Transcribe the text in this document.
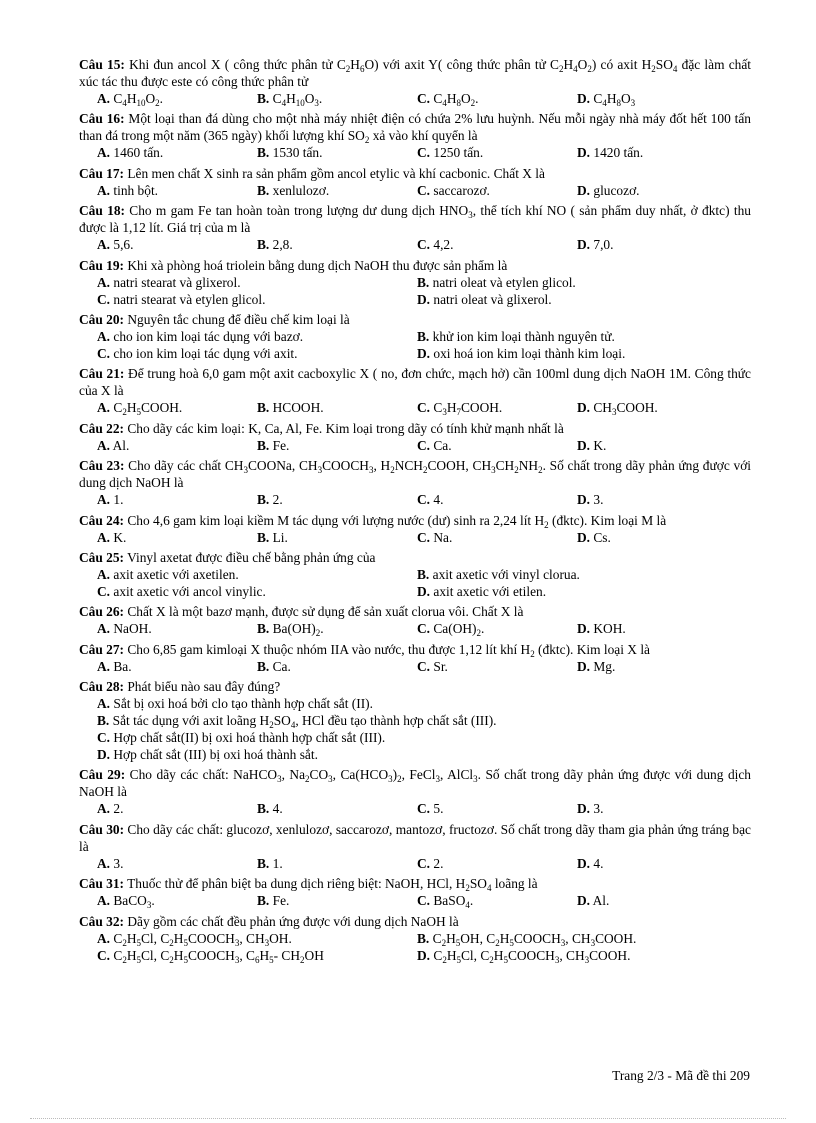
Câu 15: Khi đun ancol X ( công thức phân tử $C_2H_6O$) với axit Y( công thức phân tử $C_2H_4O_2$) có axit $H_2SO_4$ đặc làm chất xúc tác thu được este có công thức phân tử
A. $C_4H_{10}O_2$.	B. $C_4H_{10}O_3$.	C. $C_4H_8O_2$.	D. $C_4H_8O_3$
Câu 16: Một loại than đá dùng cho một nhà máy nhiệt điện có chứa 2% lưu huỳnh. Nếu mỗi ngày nhà máy đốt hết 100 tấn than đá trong một năm (365 ngày) khối lượng khí $SO_2$ xả vào khí quyển là
A. 1460 tấn.	B. 1530 tấn.	C. 1250 tấn.	D. 1420 tấn.
Câu 17: Lên men chất X sinh ra sản phẩm gồm ancol etylic và khí cacbonic. Chất X là
A. tinh bột.	B. xenlulozơ.	C. saccarozơ.	D. glucozơ.
Câu 18: Cho m gam Fe tan hoàn toàn trong lượng dư dung dịch $HNO_3$, thể tích khí NO ( sản phẩm duy nhất, ở đktc) thu được là 1,12 lít. Giá trị của m là
A. 5,6.	B. 2,8.	C. 4,2.	D. 7,0.
Câu 19: Khi xà phòng hoá triolein bằng dung dịch NaOH thu được sản phẩm là
A. natri stearat và glixerol.	B. natri oleat và etylen glicol.
C. natri stearat và etylen glicol.	D. natri oleat và glixerol.
Câu 20: Nguyên tắc chung để điều chế kim loại là
A. cho ion kim loại tác dụng với bazơ.	B. khử ion kim loại thành nguyên tử.
C. cho ion kim loại tác dụng với axit.	D. oxi hoá ion kim loại thành kim loại.
Câu 21: Để trung hoà 6,0 gam một axit cacboxylic X ( no, đơn chức, mạch hở) cần 100ml dung dịch NaOH 1M. Công thức của X là
A. $C_2H_5COOH$.	B. HCOOH.	C. $C_3H_7COOH$.	D. $CH_3COOH$.
Câu 22: Cho dãy các kim loại: K, Ca, Al, Fe. Kim loại trong dãy có tính khử mạnh nhất là
A. Al.	B. Fe.	C. Ca.	D. K.
Câu 23: Cho dãy các chất $CH_3COONa$, $CH_3COOCH_3$, $H_2NCH_2COOH$, $CH_3CH_2NH_2$. Số chất trong dãy phản ứng được với dung dịch NaOH là
A. 1.	B. 2.	C. 4.	D. 3.
Câu 24: Cho 4,6 gam kim loại kiềm M tác dụng với lượng nước (dư) sinh ra 2,24 lít $H_2$ (đktc). Kim loại M là
A. K.	B. Li.	C. Na.	D. Cs.
Câu 25: Vinyl axetat được điều chế bằng phản ứng của
A. axit axetic với axetilen.	B. axit axetic với vinyl clorua.
C. axit axetic với ancol vinylic.	D. axit axetic với etilen.
Câu 26: Chất X là một bazơ mạnh, được sử dụng để sản xuất clorua vôi. Chất X là
A. NaOH.	B. $Ba(OH)_2$.	C. $Ca(OH)_2$.	D. KOH.
Câu 27: Cho 6,85 gam kimloại X thuộc nhóm IIA vào nước, thu được 1,12 lít khí $H_2$ (đktc). Kim loại X là
A. Ba.	B. Ca.	C. Sr.	D. Mg.
Câu 28: Phát biểu nào sau đây đúng?
A. Sắt bị oxi hoá bởi clo tạo thành hợp chất sắt (II).
B. Sắt tác dụng với axit loãng $H_2SO_4$, HCl đều tạo thành hợp chất sắt (III).
C. Hợp chất sắt(II) bị oxi hoá thành hợp chất sắt (III).
D. Hợp chất sắt (III) bị oxi hoá thành sắt.
Câu 29: Cho dãy các chất: NaHCO$_3$, $Na_2CO_3$, $Ca(HCO_3)_2$, FeCl$_3$, AlCl$_3$. Số chất trong dãy phản ứng được với dung dịch NaOH là
A. 2.	B. 4.	C. 5.	D. 3.
Câu 30: Cho dãy các chất: glucozơ, xenlulozơ, saccarozơ, mantozơ, fructozơ. Số chất trong dãy tham gia phản ứng tráng bạc là
A. 3.	B. 1.	C. 2.	D. 4.
Câu 31: Thuốc thử để phân biệt ba dung dịch riêng biệt: NaOH, HCl, $H_2SO_4$ loãng là
A. BaCO$_3$.	B. Fe.	C. BaSO$_4$.	D. Al.
Câu 32: Dãy gồm các chất đều phản ứng được với dung dịch NaOH là
A. $C_2H_5Cl$, $C_2H_5COOCH_3$, $CH_3OH$.	B. $C_2H_5OH$, $C_2H_5COOCH_3$, $CH_3COOH$.
C. $C_2H_5Cl$, $C_2H_5COOCH_3$, $C_6H_5-$ $CH_2OH$	D. $C_2H_5Cl$, $C_2H_5COOCH_3$, $CH_3COOH$.
Trang 2/3 - Mã đề thi 209
